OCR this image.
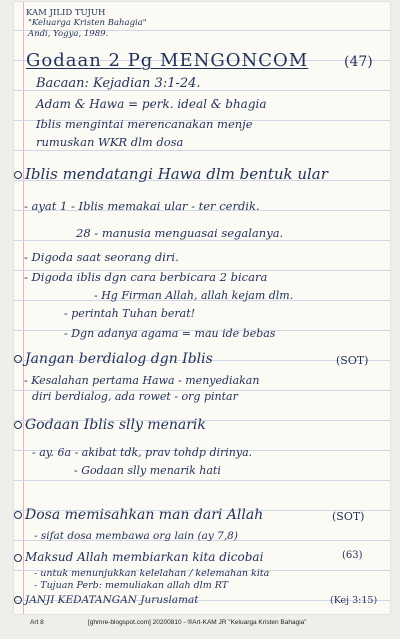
KAM JILID TUJUH
"Keluarga Kristen Bahagia"
Andi, Yogya, 1989.
Godaan 2 Pg MENGONCOM	(47)
Bacaan: Kejadian 3:1-24.
Adam & Hawa = perk. ideal & bhagia
Iblis mengintai merencanakan menje
rumuskan WKR dlm dosa
Iblis mendatangi Hawa dlm bentuk ular
- ayat 1 - Iblis memakai ular - ter cerdik.
28 - manusia menguasai segalanya.
- Digoda saat seorang diri.
- Digoda iblis dgn cara berbicara 2 bicara
- Hg Firman Allah, allah kejam dlm.
- perintah Tuhan berat!
- Dgn adanya agama = mau ide bebas
Jangan berdialog dgn Iblis	(SOT)
- Kesalahan pertama Hawa - menyediakan
diri berdialog, ada rowet - org pintar
Godaan Iblis slly menarik
- ay. 6a - akibat tdk, prav tohdp dirinya.
- Godaan slly menarik hati
Dosa memisahkan man dari Allah	(SOT)
- sifat dosa membawa org lain (ay 7,8)
Maksud Allah membiarkan kita dicobai	(63)
- untuk menunjukkan kelelahan / kelemahan kita
- Tujuan Perb: memuliakan allah dlm RT
JANJI KEDATANGAN Juruslamat	(Kej 3:15)
Art 8	[ghmre-blogspot.com] 20200810 - ®Art-KAM JR "Keluarga Kristen Bahagia"
